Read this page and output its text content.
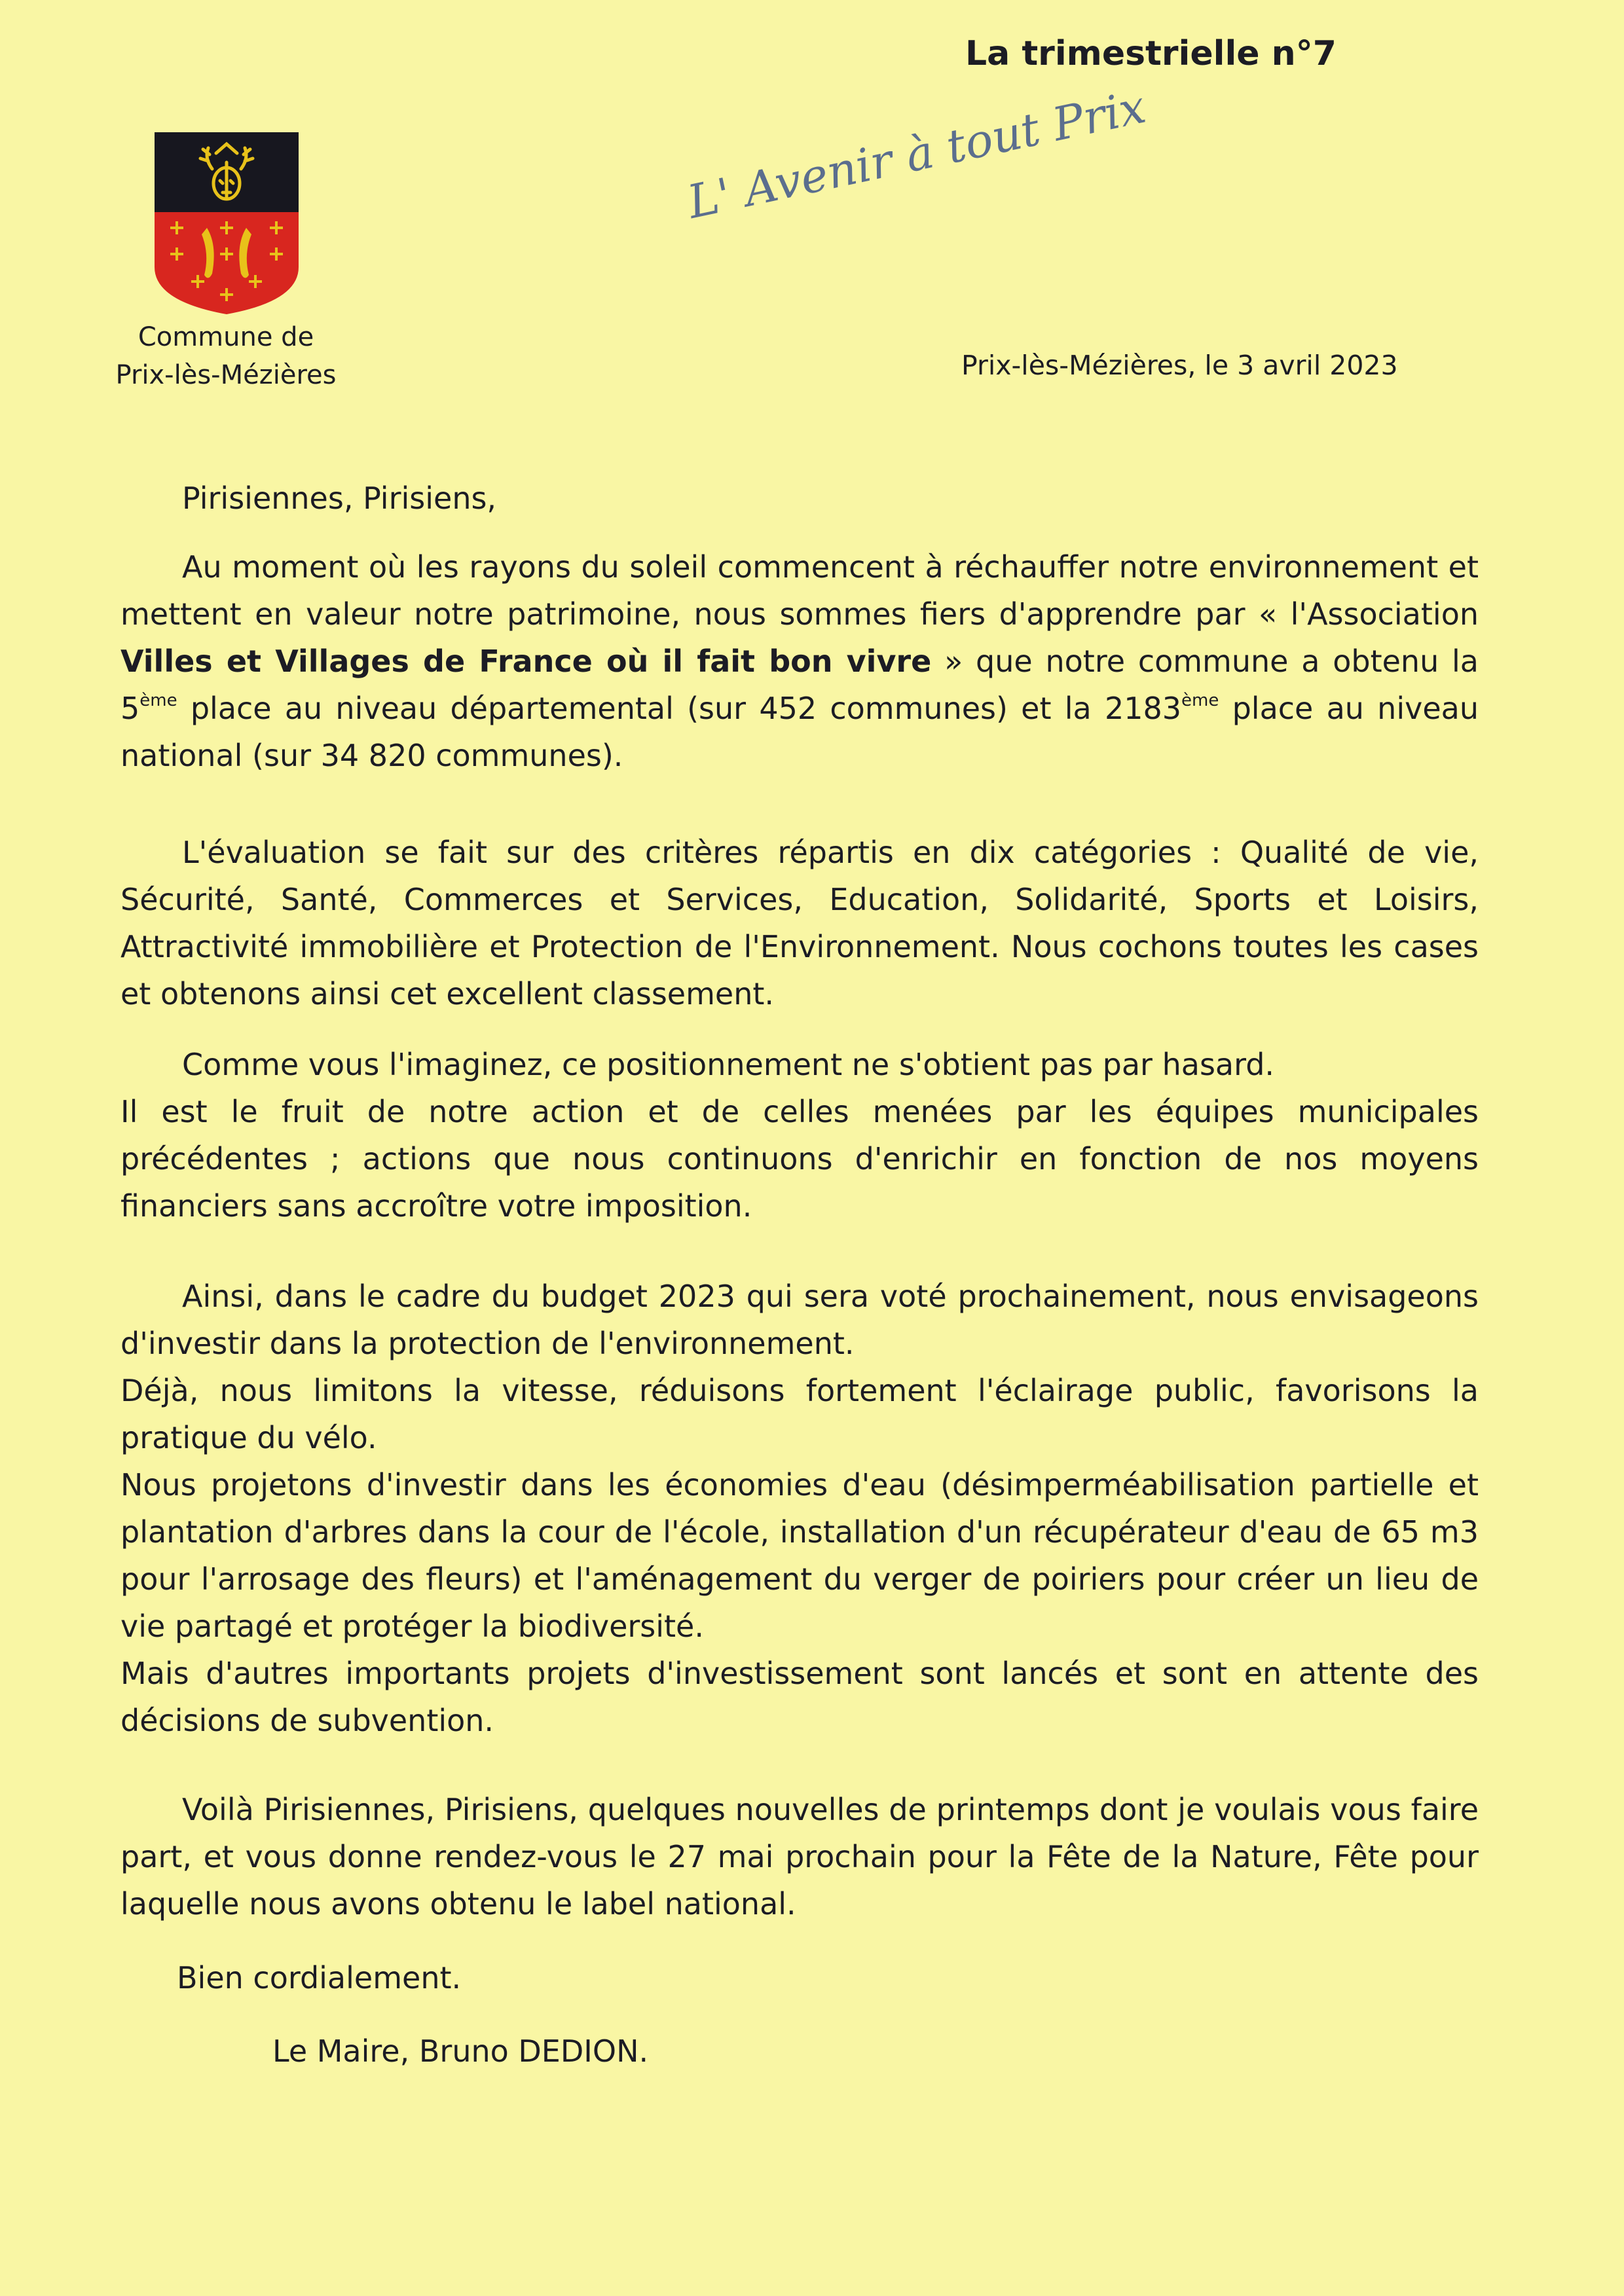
La trimestrielle n°7
Commune de
Prix-lès-Mézières
L' Avenir à tout Prix
Prix-lès-Mézières, le 3 avril 2023
Pirisiennes, Pirisiens,

Au moment où les rayons du soleil commencent à réchauffer notre environnement et mettent en valeur notre patrimoine, nous sommes fiers d'apprendre par « l'Association Villes et Villages de France où il fait bon vivre » que notre commune a obtenu la 5ème place au niveau départemental (sur 452 communes) et la 2183ème place au niveau national (sur 34 820 communes).

L'évaluation se fait sur des critères répartis en dix catégories : Qualité de vie, Sécurité, Santé, Commerces et Services, Education, Solidarité, Sports et Loisirs, Attractivité immobilière et Protection de l'Environnement. Nous cochons toutes les cases et obtenons ainsi cet excellent classement.

Comme vous l'imaginez, ce positionnement ne s'obtient pas par hasard.

Il est le fruit de notre action et de celles menées par les équipes municipales précédentes ; actions que nous continuons d'enrichir en fonction de nos moyens financiers sans accroître votre imposition.

Ainsi, dans le cadre du budget 2023 qui sera voté prochainement, nous envisageons d'investir dans la protection de l'environnement.

Déjà, nous limitons la vitesse, réduisons fortement l'éclairage public, favorisons la pratique du vélo.

Nous projetons d'investir dans les économies d'eau (désimperméabilisation partielle et plantation d'arbres dans la cour de l'école, installation d'un récupérateur d'eau de 65 m3 pour l'arrosage des fleurs) et l'aménagement du verger de poiriers pour créer un lieu de vie partagé et protéger la biodiversité.

Mais d'autres importants projets d'investissement sont lancés et sont en attente des décisions de subvention.

Voilà Pirisiennes, Pirisiens, quelques nouvelles de printemps dont je voulais vous faire part, et vous donne rendez-vous le 27 mai prochain pour la Fête de la Nature, Fête pour laquelle nous avons obtenu le label national.

Bien cordialement.
Le Maire, Bruno DEDION.
